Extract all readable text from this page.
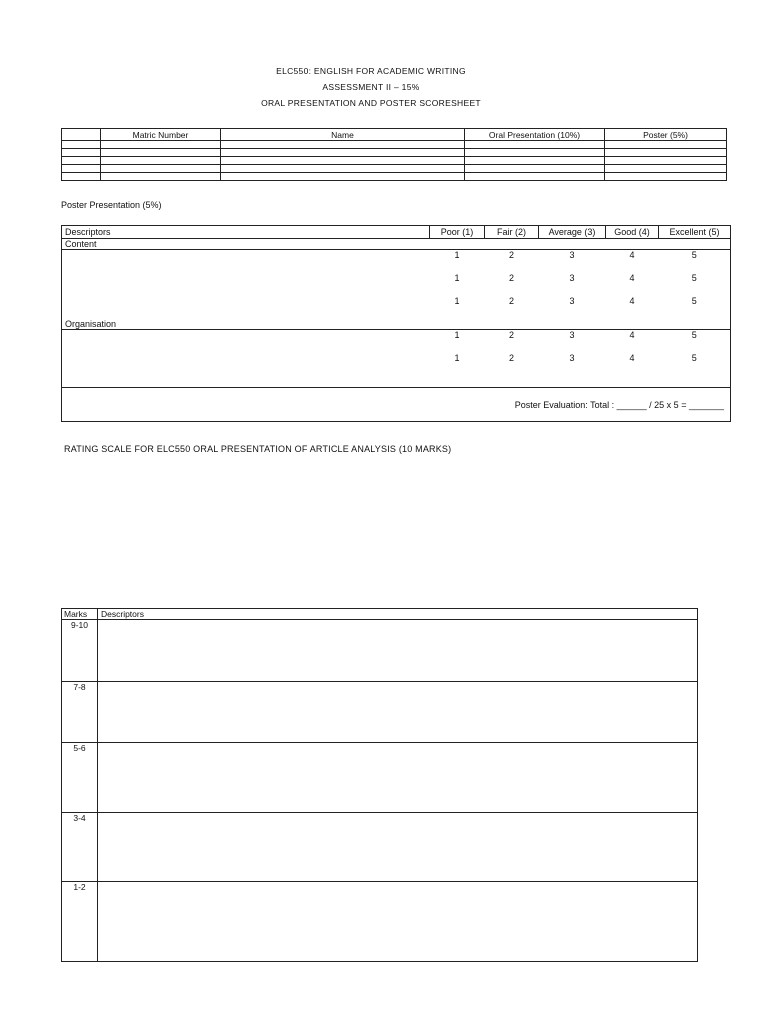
ELC550: ENGLISH FOR ACADEMIC WRITING
ASSESSMENT II – 15%
ORAL PRESENTATION AND POSTER SCORESHEET
	Matric Number	Name	Oral Presentation (10%)	Poster (5%)

Poster Presentation (5%)
Descriptors	Poor (1)	Fair (2)	Average (3)	Good (4)	Excellent (5)
Content					
	1	2	3	4	5
	1	2	3	4	5
	1	2	3	4	5
Organisation					
	1	2	3	4	5
	1	2	3	4	5
Poster Evaluation: Total : ______ / 25 x 5 = _______					
RATING SCALE FOR ELC550 ORAL PRESENTATION OF ARTICLE ANALYSIS (10 MARKS)
Marks	Descriptors
9-10	
7-8	
5-6	
3-4	
1-2	
